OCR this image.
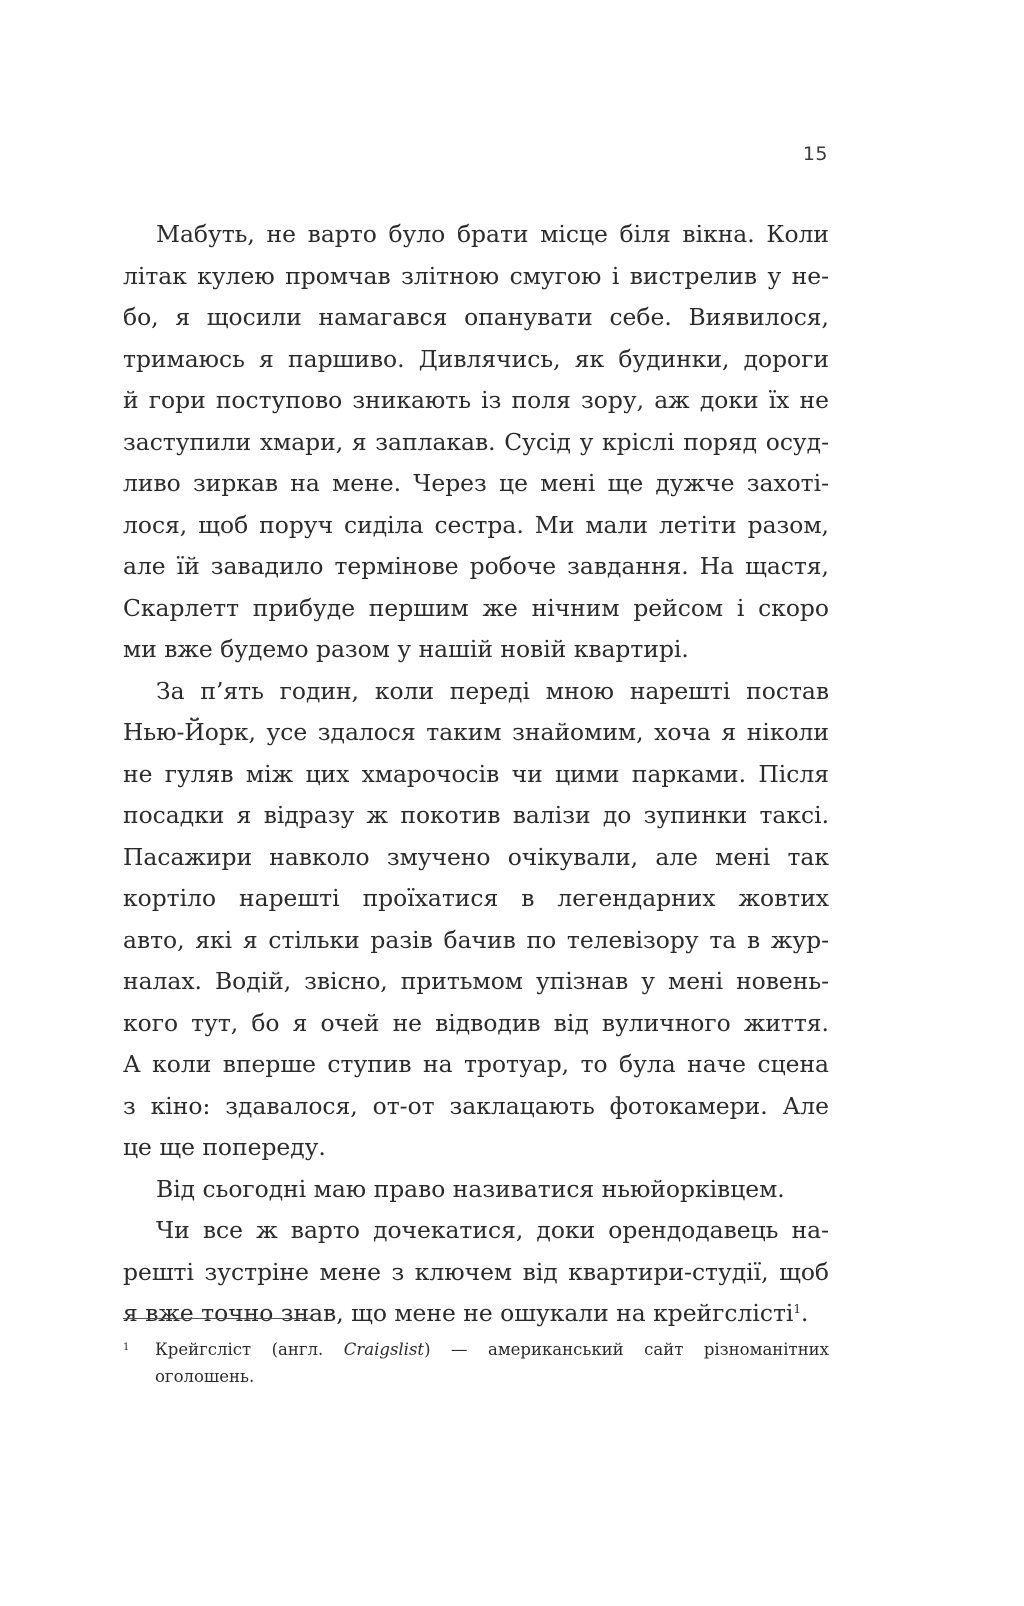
15
Мабуть, не варто було брати місце біля вікна. Коли
літак кулею промчав злітною смугою і вистрелив у не-
бо, я щосили намагався опанувати себе. Виявилося,
тримаюсь я паршиво. Дивлячись, як будинки, дороги
й гори поступово зникають із поля зору, аж доки їх не
заступили хмари, я заплакав. Сусід у кріслі поряд осуд-
ливо зиркав на мене. Через це мені ще дужче захоті-
лося, щоб поруч сиділа сестра. Ми мали летіти разом,
але їй завадило термінове робоче завдання. На щастя,
Скарлетт прибуде першим же нічним рейсом і скоро
ми вже будемо разом у нашій новій квартирі.
За п’ять годин, коли переді мною нарешті постав
Нью-Йорк, усе здалося таким знайомим, хоча я ніколи
не гуляв між цих хмарочосів чи цими парками. Після
посадки я відразу ж покотив валізи до зупинки таксі.
Пасажири навколо змучено очікували, але мені так
кортіло нарешті проїхатися в легендарних жовтих
авто, які я стільки разів бачив по телевізору та в жур-
налах. Водій, звісно, притьмом упізнав у мені новень-
кого тут, бо я очей не відводив від вуличного життя.
А коли вперше ступив на тротуар, то була наче сцена
з кіно: здавалося, от-от заклацають фотокамери. Але
це ще попереду.
Від сьогодні маю право називатися ньюйорківцем.
Чи все ж варто дочекатися, доки орендодавець на-
решті зустріне мене з ключем від квартири-студії, щоб
я вже точно знав, що мене не ошукали на крейгслісті$^1$.
1 Крейгсліст (англ. Craigslist) — американський сайт різноманітних
оголошень.
